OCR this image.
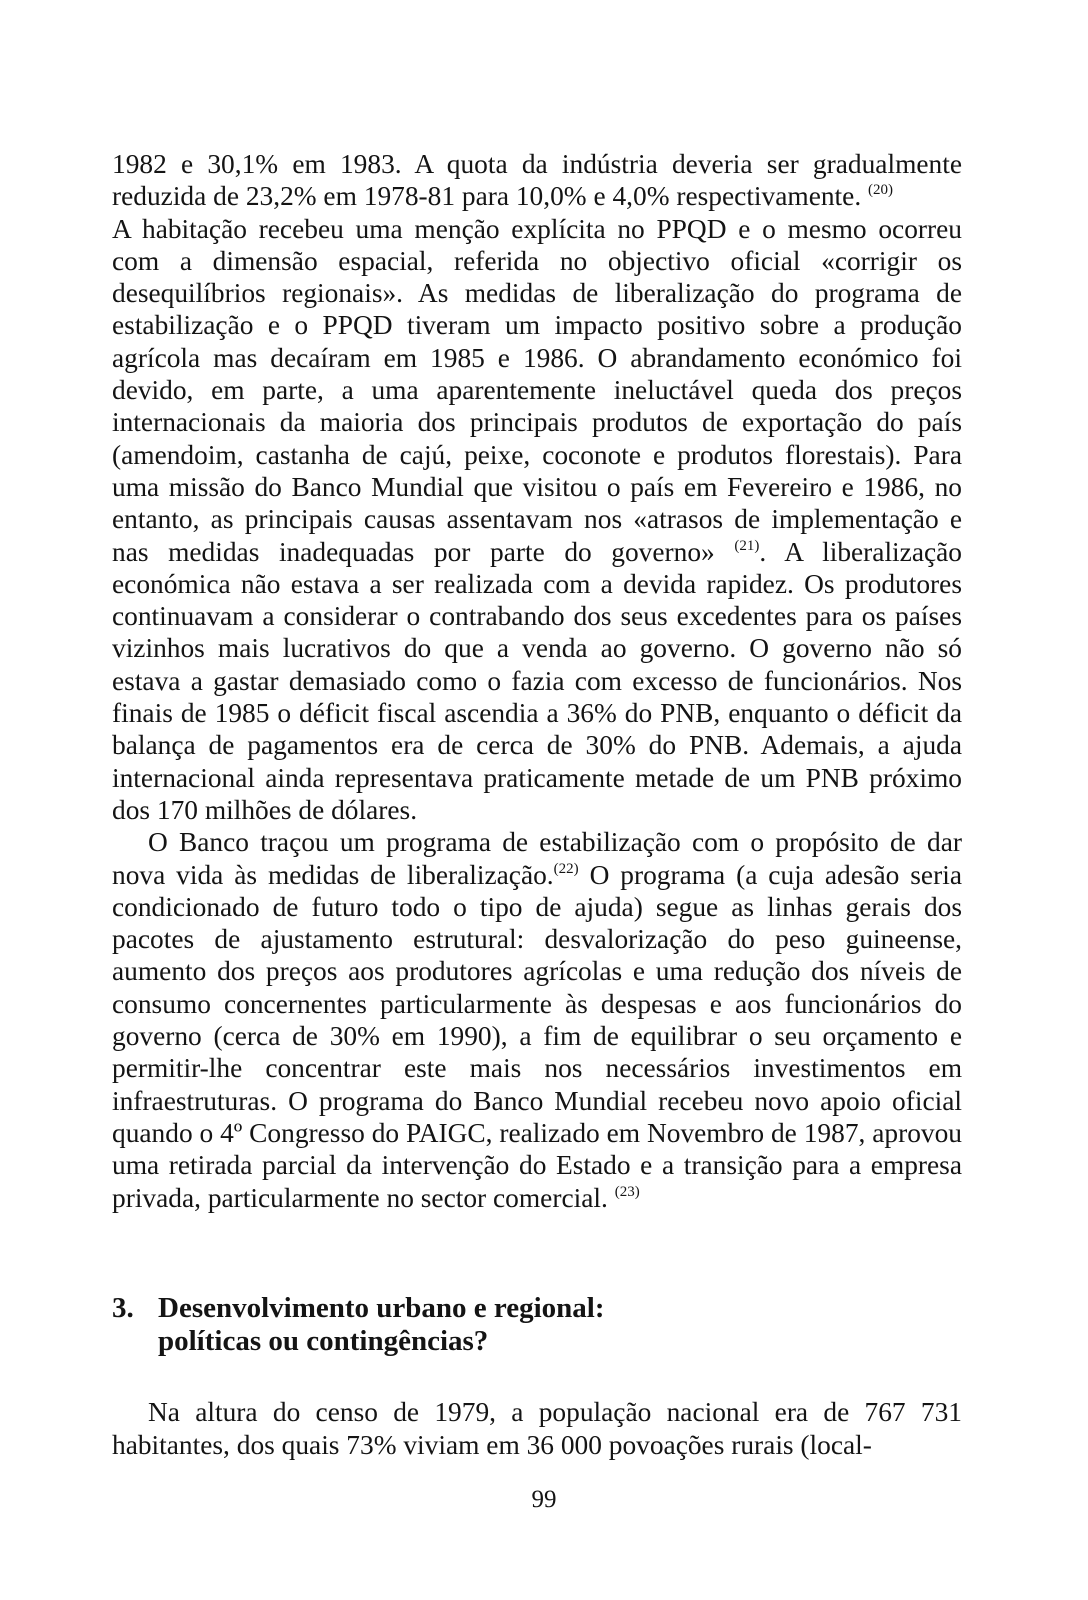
1982 e 30,1% em 1983. A quota da indústria deveria ser gradualmente reduzida de 23,2% em 1978-81 para 10,0% e 4,0% respectivamente. $^{(20)}$
A habitação recebeu uma menção explícita no PPQD e o mesmo ocorreu com a dimensão espacial, referida no objectivo oficial «corrigir os desequilíbrios regionais». As medidas de liberalização do programa de estabilização e o PPQD tiveram um impacto positivo sobre a produção agrícola mas decaíram em 1985 e 1986. O abrandamento económico foi devido, em parte, a uma aparentemente ineluctável queda dos preços internacionais da maioria dos principais produtos de exportação do país (amendoim, castanha de cajú, peixe, coconote e produtos florestais). Para uma missão do Banco Mundial que visitou o país em Fevereiro e 1986, no entanto, as principais causas assentavam nos «atrasos de implementação e nas medidas inadequadas por parte do governo» $^{(21)}$. A liberalização económica não estava a ser realizada com a devida rapidez. Os produtores continuavam a considerar o contrabando dos seus excedentes para os países vizinhos mais lucrativos do que a venda ao governo. O governo não só estava a gastar demasiado como o fazia com excesso de funcionários. Nos finais de 1985 o déficit fiscal ascendia a 36% do PNB, enquanto o déficit da balança de pagamentos era de cerca de 30% do PNB. Ademais, a ajuda internacional ainda representava praticamente metade de um PNB próximo dos 170 milhões de dólares.

O Banco traçou um programa de estabilização com o propósito de dar nova vida às medidas de liberalização.$^{(22)}$ O programa (a cuja adesão seria condicionado de futuro todo o tipo de ajuda) segue as linhas gerais dos pacotes de ajustamento estrutural: desvalorização do peso guineense, aumento dos preços aos produtores agrícolas e uma redução dos níveis de consumo concernentes particularmente às despesas e aos funcionários do governo (cerca de 30% em 1990), a fim de equilibrar o seu orçamento e permitir-lhe concentrar este mais nos necessários investimentos em infraestruturas. O programa do Banco Mundial recebeu novo apoio oficial quando o 4º Congresso do PAIGC, realizado em Novembro de 1987, aprovou uma retirada parcial da intervenção do Estado e a transição para a empresa privada, particularmente no sector comercial. $^{(23)}$

3. Desenvolvimento urbano e regional:
políticas ou contingências?

Na altura do censo de 1979, a população nacional era de 767 731 habitantes, dos quais 73% viviam em 36 000 povoações rurais (local-

99
